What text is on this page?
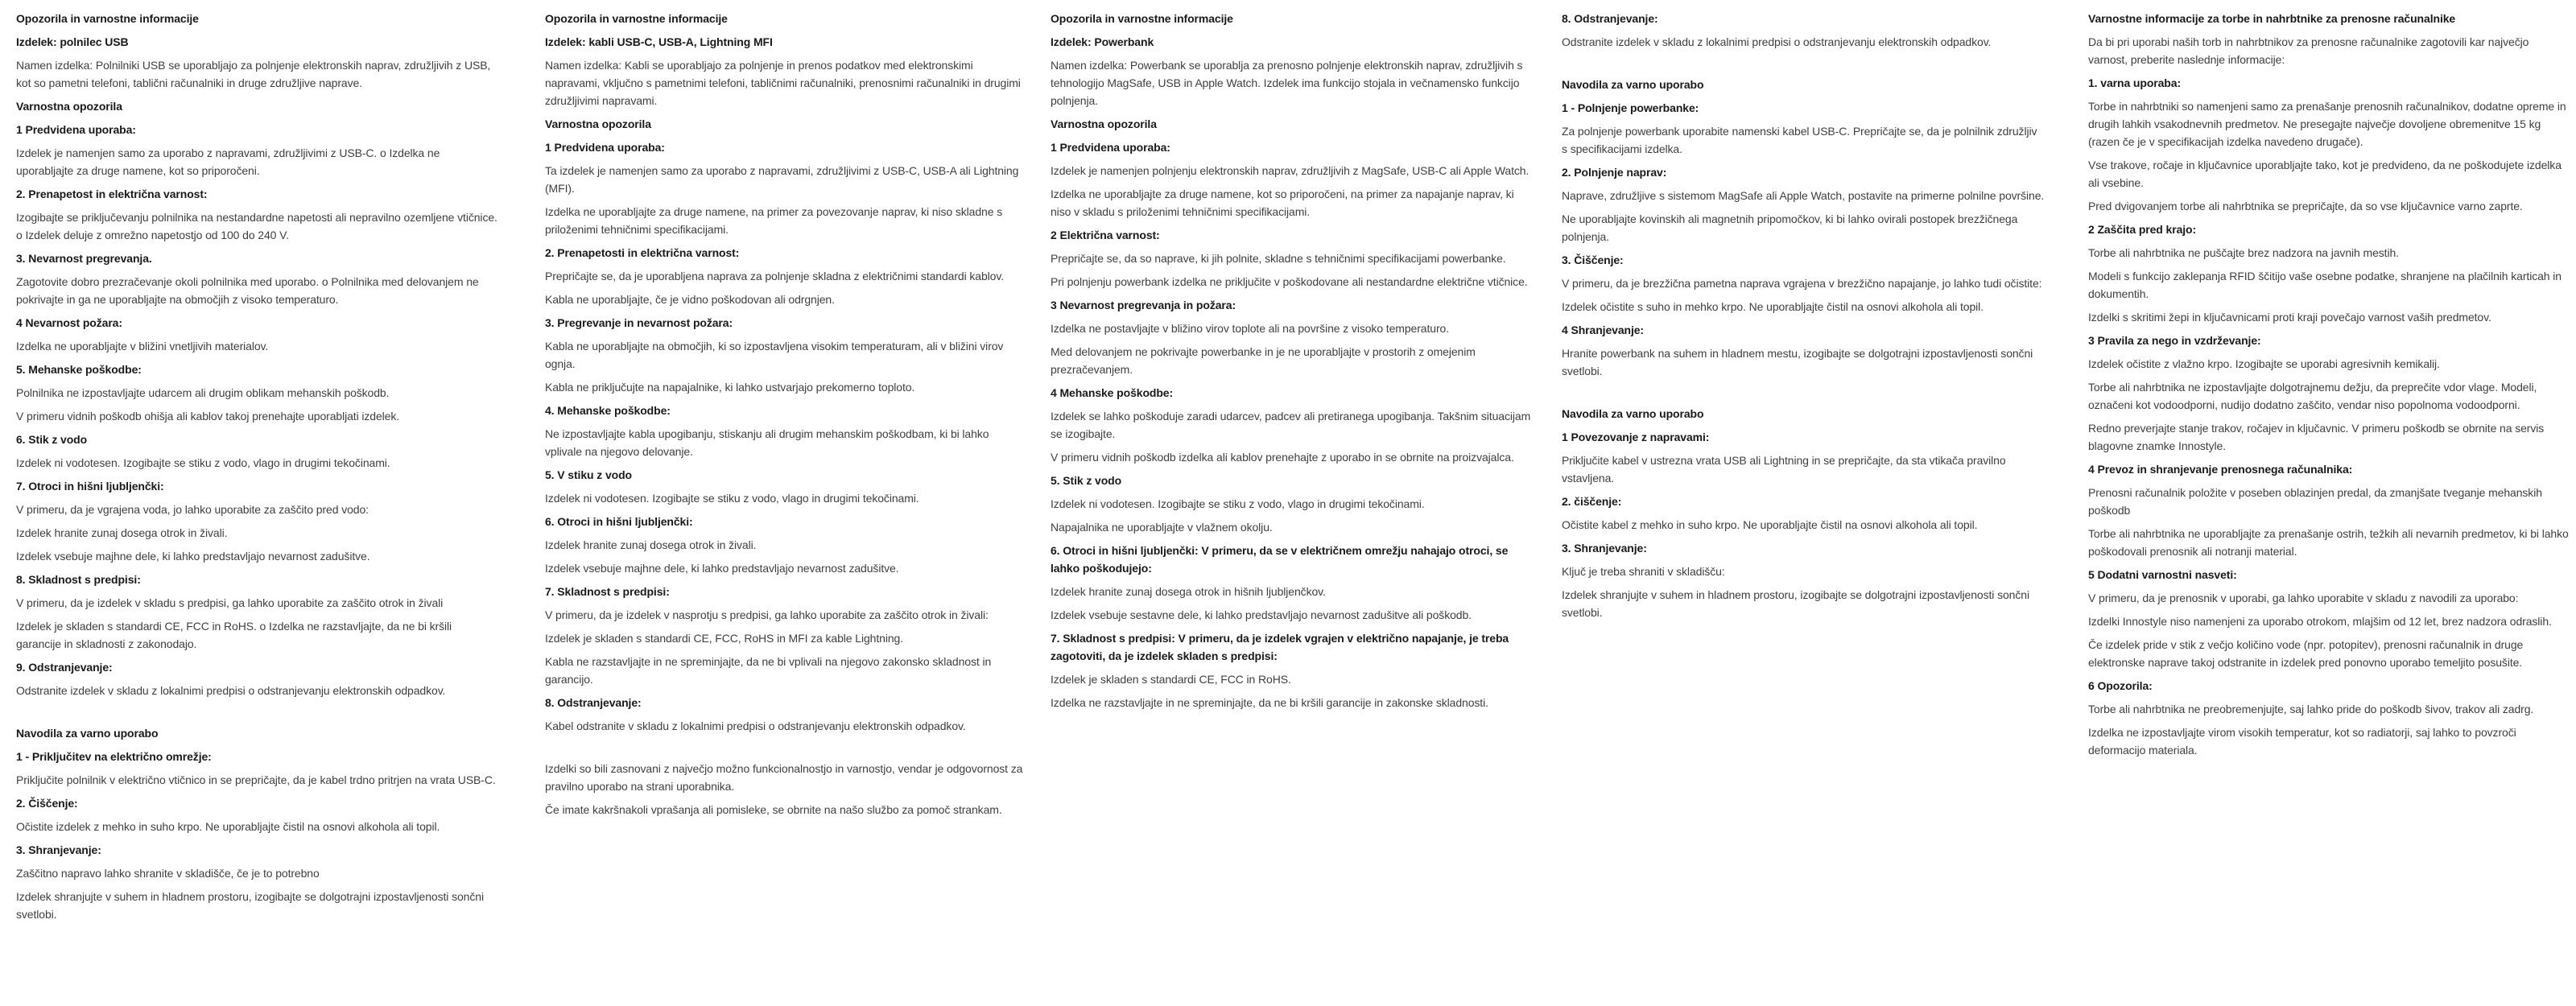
Opozorila in varnostne informacije
Izdelek: polnilec USB
Namen izdelka: Polnilniki USB se uporabljajo za polnjenje elektronskih naprav, združljivih z USB, kot so pametni telefoni, tablični računalniki in druge združljive naprave.
Varnostna opozorila
1 Predvidena uporaba:
Izdelek je namenjen samo za uporabo z napravami, združljivimi z USB-C. o Izdelka ne uporabljajte za druge namene, kot so priporočeni.
2. Prenapetost in električna varnost:
Izogibajte se priključevanju polnilnika na nestandardne napetosti ali nepravilno ozemljene vtičnice. o Izdelek deluje z omrežno napetostjo od 100 do 240 V.
3. Nevarnost pregrevanja.
Zagotovite dobro prezračevanje okoli polnilnika med uporabo. o Polnilnika med delovanjem ne pokrivajte in ga ne uporabljajte na območjih z visoko temperaturo.
4 Nevarnost požara:
Izdelka ne uporabljajte v bližini vnetljivih materialov.
5. Mehanske poškodbe:
Polnilnika ne izpostavljajte udarcem ali drugim oblikam mehanskih poškodb.
V primeru vidnih poškodb ohišja ali kablov takoj prenehajte uporabljati izdelek.
6. Stik z vodo
Izdelek ni vodotesen. Izogibajte se stiku z vodo, vlago in drugimi tekočinami.
7. Otroci in hišni ljubljenčki:
V primeru, da je vgrajena voda, jo lahko uporabite za zaščito pred vodo:
Izdelek hranite zunaj dosega otrok in živali.
Izdelek vsebuje majhne dele, ki lahko predstavljajo nevarnost zadušitve.
8. Skladnost s predpisi:
V primeru, da je izdelek v skladu s predpisi, ga lahko uporabite za zaščito otrok in živali
Izdelek je skladen s standardi CE, FCC in RoHS. o Izdelka ne razstavljajte, da ne bi kršili garancije in skladnosti z zakonodajo.
9. Odstranjevanje:
Odstranite izdelek v skladu z lokalnimi predpisi o odstranjevanju elektronskih odpadkov.
Navodila za varno uporabo
1 - Priključitev na električno omrežje:
Priključite polnilnik v električno vtičnico in se prepričajte, da je kabel trdno pritrjen na vrata USB-C.
2. Čiščenje:
Očistite izdelek z mehko in suho krpo. Ne uporabljajte čistil na osnovi alkohola ali topil.
3. Shranjevanje:
Zaščitno napravo lahko shranite v skladišče, če je to potrebno
Izdelek shranjujte v suhem in hladnem prostoru, izogibajte se dolgotrajni izpostavljenosti sončni svetlobi.
Opozorila in varnostne informacije
Izdelek: kabli USB-C, USB-A, Lightning MFI
Namen izdelka: Kabli se uporabljajo za polnjenje in prenos podatkov med elektronskimi napravami, vključno s pametnimi telefoni, tabličnimi računalniki, prenosnimi računalniki in drugimi združljivimi napravami.
Varnostna opozorila
1 Predvidena uporaba:
Ta izdelek je namenjen samo za uporabo z napravami, združljivimi z USB-C, USB-A ali Lightning (MFI).
Izdelka ne uporabljajte za druge namene, na primer za povezovanje naprav, ki niso skladne s priloženimi tehničnimi specifikacijami.
2. Prenapetosti in električna varnost:
Prepričajte se, da je uporabljena naprava za polnjenje skladna z električnimi standardi kablov.
Kabla ne uporabljajte, če je vidno poškodovan ali odrgnjen.
3. Pregrevanje in nevarnost požara:
Kabla ne uporabljajte na območjih, ki so izpostavljena visokim temperaturam, ali v bližini virov ognja.
Kabla ne priključujte na napajalnike, ki lahko ustvarjajo prekomerno toploto.
4. Mehanske poškodbe:
Ne izpostavljajte kabla upogibanju, stiskanju ali drugim mehanskim poškodbam, ki bi lahko vplivale na njegovo delovanje.
5. V stiku z vodo
Izdelek ni vodotesen. Izogibajte se stiku z vodo, vlago in drugimi tekočinami.
6. Otroci in hišni ljubljenčki:
Izdelek hranite zunaj dosega otrok in živali.
Izdelek vsebuje majhne dele, ki lahko predstavljajo nevarnost zadušitve.
7. Skladnost s predpisi:
V primeru, da je izdelek v nasprotju s predpisi, ga lahko uporabite za zaščito otrok in živali:
Izdelek je skladen s standardi CE, FCC, RoHS in MFI za kable Lightning.
Kabla ne razstavljajte in ne spreminjajte, da ne bi vplivali na njegovo zakonsko skladnost in garancijo.
8. Odstranjevanje:
Kabel odstranite v skladu z lokalnimi predpisi o odstranjevanju elektronskih odpadkov.
Izdelki so bili zasnovani z največjo možno funkcionalnostjo in varnostjo, vendar je odgovornost za pravilno uporabo na strani uporabnika.
Če imate kakršnakoli vprašanja ali pomisleke, se obrnite na našo službo za pomoč strankam.
Opozorila in varnostne informacije
Izdelek: Powerbank
Namen izdelka: Powerbank se uporablja za prenosno polnjenje elektronskih naprav, združljivih s tehnologijo MagSafe, USB in Apple Watch. Izdelek ima funkcijo stojala in večnamensko funkcijo polnjenja.
Varnostna opozorila
1 Predvidena uporaba:
Izdelek je namenjen polnjenju elektronskih naprav, združljivih z MagSafe, USB-C ali Apple Watch.
Izdelka ne uporabljajte za druge namene, kot so priporočeni, na primer za napajanje naprav, ki niso v skladu s priloženimi tehničnimi specifikacijami.
2 Električna varnost:
Prepričajte se, da so naprave, ki jih polnite, skladne s tehničnimi specifikacijami powerbanke.
Pri polnjenju powerbank izdelka ne priključite v poškodovane ali nestandardne električne vtičnice.
3 Nevarnost pregrevanja in požara:
Izdelka ne postavljajte v bližino virov toplote ali na površine z visoko temperaturo.
Med delovanjem ne pokrivajte powerbanke in je ne uporabljajte v prostorih z omejenim prezračevanjem.
4 Mehanske poškodbe:
Izdelek se lahko poškoduje zaradi udarcev, padcev ali pretiranega upogibanja. Takšnim situacijam se izogibajte.
V primeru vidnih poškodb izdelka ali kablov prenehajte z uporabo in se obrnite na proizvajalca.
5. Stik z vodo
Izdelek ni vodotesen. Izogibajte se stiku z vodo, vlago in drugimi tekočinami.
Napajalnika ne uporabljajte v vlažnem okolju.
6. Otroci in hišni ljubljenčki: V primeru, da se v električnem omrežju nahajajo otroci, se lahko poškodujejo:
Izdelek hranite zunaj dosega otrok in hišnih ljubljenčkov.
Izdelek vsebuje sestavne dele, ki lahko predstavljajo nevarnost zadušitve ali poškodb.
7. Skladnost s predpisi: V primeru, da je izdelek vgrajen v električno napajanje, je treba zagotoviti, da je izdelek skladen s predpisi:
Izdelek je skladen s standardi CE, FCC in RoHS.
Izdelka ne razstavljajte in ne spreminjajte, da ne bi kršili garancije in zakonske skladnosti.
8. Odstranjevanje:
Odstranite izdelek v skladu z lokalnimi predpisi o odstranjevanju elektronskih odpadkov.
Navodila za varno uporabo
1 - Polnjenje powerbanke:
Za polnjenje powerbank uporabite namenski kabel USB-C. Prepričajte se, da je polnilnik združljiv s specifikacijami izdelka.
2. Polnjenje naprav:
Naprave, združljive s sistemom MagSafe ali Apple Watch, postavite na primerne polnilne površine.
Ne uporabljajte kovinskih ali magnetnih pripomočkov, ki bi lahko ovirali postopek brezžičnega polnjenja.
3. Čiščenje:
V primeru, da je brezžična pametna naprava vgrajena v brezžično napajanje, jo lahko tudi očistite:
Izdelek očistite s suho in mehko krpo. Ne uporabljajte čistil na osnovi alkohola ali topil.
4 Shranjevanje:
Hranite powerbank na suhem in hladnem mestu, izogibajte se dolgotrajni izpostavljenosti sončni svetlobi.
Navodila za varno uporabo
1 Povezovanje z napravami:
Priključite kabel v ustrezna vrata USB ali Lightning in se prepričajte, da sta vtikača pravilno vstavljena.
2. čiščenje:
Očistite kabel z mehko in suho krpo. Ne uporabljajte čistil na osnovi alkohola ali topil.
3. Shranjevanje:
Ključ je treba shraniti v skladišču:
Izdelek shranjujte v suhem in hladnem prostoru, izogibajte se dolgotrajni izpostavljenosti sončni svetlobi.
Varnostne informacije za torbe in nahrbtnike za prenosne računalnike
Da bi pri uporabi naših torb in nahrbtnikov za prenosne računalnike zagotovili kar največjo varnost, preberite naslednje informacije:
1. varna uporaba:
Torbe in nahrbtniki so namenjeni samo za prenašanje prenosnih računalnikov, dodatne opreme in drugih lahkih vsakodnevnih predmetov. Ne presegajte največje dovoljene obremenitve 15 kg (razen če je v specifikacijah izdelka navedeno drugače).
Vse trakove, ročaje in ključavnice uporabljajte tako, kot je predvideno, da ne poškodujete izdelka ali vsebine.
Pred dvigovanjem torbe ali nahrbtnika se prepričajte, da so vse ključavnice varno zaprte.
2 Zaščita pred krajo:
Torbe ali nahrbtnika ne puščajte brez nadzora na javnih mestih.
Modeli s funkcijo zaklepanja RFID ščitijo vaše osebne podatke, shranjene na plačilnih karticah in dokumentih.
Izdelki s skritimi žepi in ključavnicami proti kraji povečajo varnost vaših predmetov.
3 Pravila za nego in vzdrževanje:
Izdelek očistite z vlažno krpo. Izogibajte se uporabi agresivnih kemikalij.
Torbe ali nahrbtnika ne izpostavljajte dolgotrajnemu dežju, da preprečite vdor vlage. Modeli, označeni kot vodoodporni, nudijo dodatno zaščito, vendar niso popolnoma vodoodporni.
Redno preverjajte stanje trakov, ročajev in ključavnic. V primeru poškodb se obrnite na servis blagovne znamke Innostyle.
4 Prevoz in shranjevanje prenosnega računalnika:
Prenosni računalnik položite v poseben oblazinjen predal, da zmanjšate tveganje mehanskih poškodb
Torbe ali nahrbtnika ne uporabljajte za prenašanje ostrih, težkih ali nevarnih predmetov, ki bi lahko poškodovali prenosnik ali notranji material.
5 Dodatni varnostni nasveti:
V primeru, da je prenosnik v uporabi, ga lahko uporabite v skladu z navodili za uporabo:
Izdelki Innostyle niso namenjeni za uporabo otrokom, mlajšim od 12 let, brez nadzora odraslih.
Če izdelek pride v stik z večjo količino vode (npr. potopitev), prenosni računalnik in druge elektronske naprave takoj odstranite in izdelek pred ponovno uporabo temeljito posušite.
6 Opozorila:
Torbe ali nahrbtnika ne preobremenjujte, saj lahko pride do poškodb šivov, trakov ali zadrg.
Izdelka ne izpostavljajte virom visokih temperatur, kot so radiatorji, saj lahko to povzroči deformacijo materiala.
